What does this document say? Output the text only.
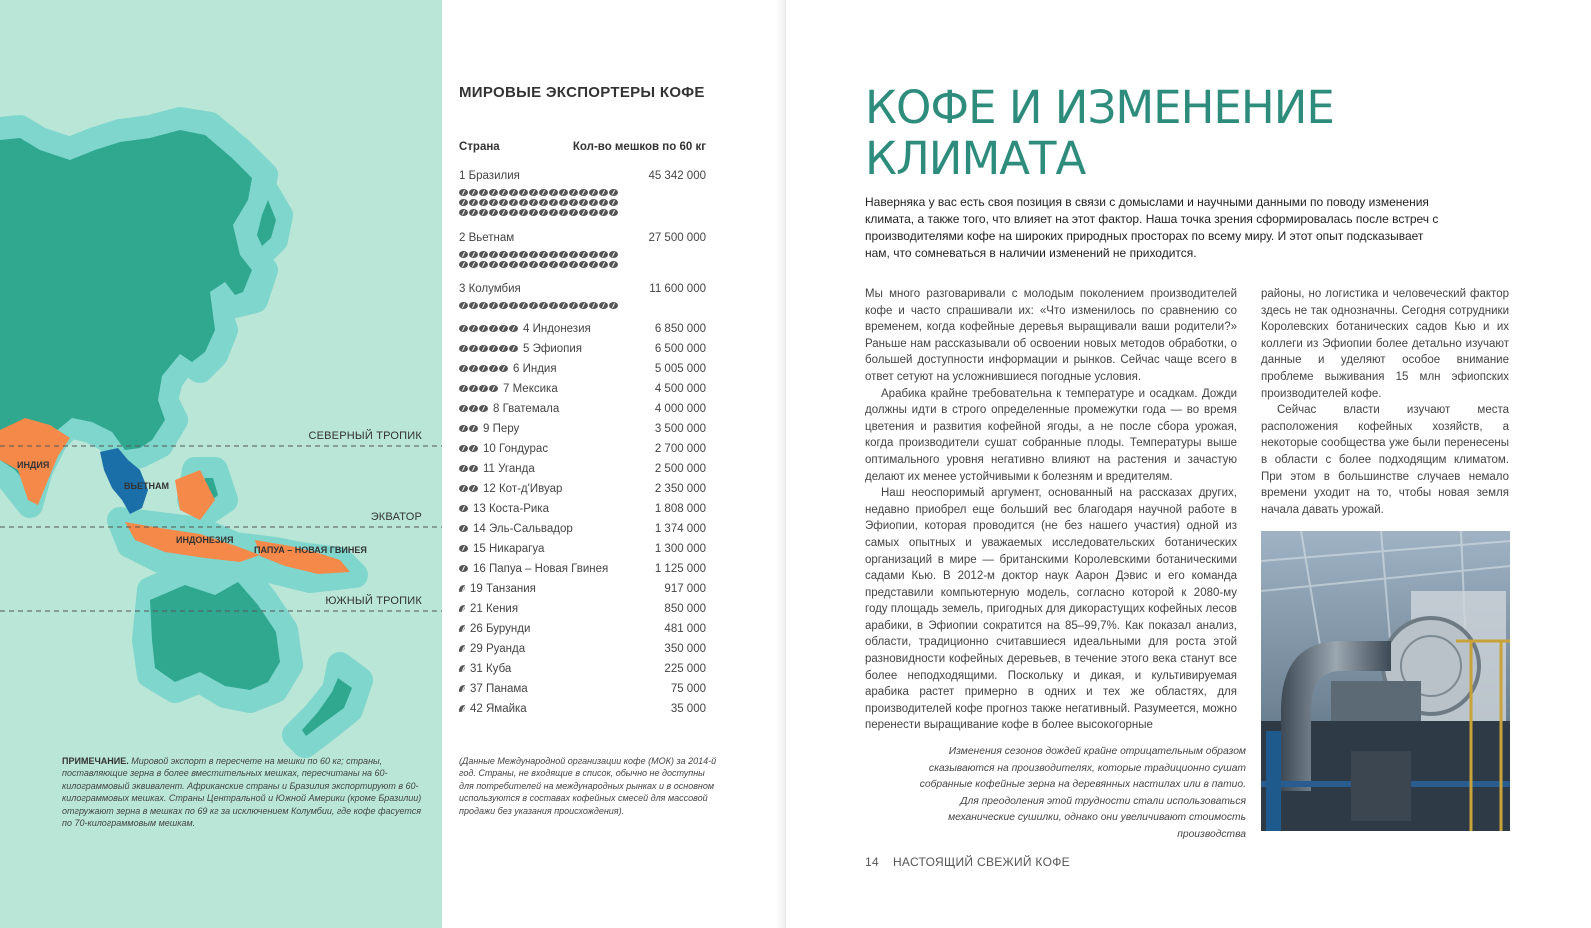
ИНДИЯ
ВЬЕТНАМ
ИНДОНЕЗИЯ
ПАПУА – НОВАЯ ГВИНЕЯ
СЕВЕРНЫЙ ТРОПИК
ЭКВАТОР
ЮЖНЫЙ ТРОПИК
ПРИМЕЧАНИЕ. Мировой экспорт в пересчете на мешки по 60 кг; страны, поставляющие зерна в более вместительных мешках, пересчитаны на 60-килограммовый эквивалент. Африканские страны и Бразилия экспортируют в 60-килограммовых мешках. Страны Центральной и Южной Америки (кроме Бразилии) отгружают зерна в мешках по 69 кг за исключением Колумбии, где кофе фасуется по 70-килограммовым мешкам.
МИРОВЫЕ ЭКСПОРТЕРЫ КОФЕ
Страна	Кол-во мешков по 60 кг
1 Бразилия	45 342 000
2 Вьетнам	27 500 000
3 Колумбия	11 600 000
4 Индонезия	6 850 000
5 Эфиопия	6 500 000
6 Индия	5 005 000
7 Мексика	4 500 000
8 Гватемала	4 000 000
9 Перу	3 500 000
10 Гондурас	2 700 000
11 Уганда	2 500 000
12 Кот-д'Ивуар	2 350 000
13 Коста-Рика	1 808 000
14 Эль-Сальвадор	1 374 000
15 Никарагуа	1 300 000
16 Папуа – Новая Гвинея	1 125 000
19 Танзания	917 000
21 Кения	850 000
26 Бурунди	481 000
29 Руанда	350 000
31 Куба	225 000
37 Панама	75 000
42 Ямайка	35 000
(Данные Международной организации кофе (МОК) за 2014-й год. Страны, не входящие в список, обычно не доступны для потребителей на международных рынках и в основном используются в составах кофейных смесей для массовой продажи без указания происхождения).
КОФЕ И ИЗМЕНЕНИЕ КЛИМАТА
Наверняка у вас есть своя позиция в связи с домыслами и научными данными по поводу изменения климата, а также того, что влияет на этот фактор. Наша точка зрения сформировалась после встреч с производителями кофе на широких природных просторах по всему миру. И этот опыт подсказывает нам, что сомневаться в наличии изменений не приходится.

Мы много разговаривали с молодым поколением производителей кофе и часто спрашивали их: «Что изменилось по сравнению со временем, когда кофейные деревья выращивали ваши родители?» Раньше нам рассказывали об освоении новых методов обработки, о большей доступности информации и рынков. Сейчас чаще всего в ответ сетуют на усложнившиеся погодные условия.

Арабика крайне требовательна к температуре и осадкам. Дожди должны идти в строго определенные промежутки года — во время цветения и развития кофейной ягоды, а не после сбора урожая, когда производители сушат собранные плоды. Температуры выше оптимального уровня негативно влияют на растения и зачастую делают их менее устойчивыми к болезням и вредителям.

Наш неоспоримый аргумент, основанный на рассказах других, недавно приобрел еще больший вес благодаря научной работе в Эфиопии, которая проводится (не без нашего участия) одной из самых опытных и уважаемых исследовательских ботанических организаций в мире — британскими Королевскими ботаническими садами Кью. В 2012-м доктор наук Аарон Дэвис и его команда представили компьютерную модель, согласно которой к 2080-му году площадь земель, пригодных для дикорастущих кофейных лесов арабики, в Эфиопии сократится на 85–99,7%. Как показал анализ, области, традиционно считавшиеся идеальными для роста этой разновидности кофейных деревьев, в течение этого века станут все более неподходящими. Поскольку и дикая, и культивируемая арабика растет примерно в одних и тех же областях, для производителей кофе прогноз также негативный. Разумеется, можно перенести выращивание кофе в более высокогорные

Изменения сезонов дождей крайне отрицательным образом сказываются на производителях, которые традиционно сушат собранные кофейные зерна на деревянных настилах или в патио. Для преодоления этой трудности стали использоваться механические сушилки, однако они увеличивают стоимость производства

районы, но логистика и человеческий фактор здесь не так однозначны. Сегодня сотрудники Королевских ботанических садов Кью и их коллеги из Эфиопии более детально изучают данные и уделяют особое внимание проблеме выживания 15 млн эфиопских производителей кофе.

Сейчас власти изучают места расположения кофейных хозяйств, а некоторые сообщества уже были перенесены в области с более подходящим климатом. При этом в большинстве случаев немало времени уходит на то, чтобы новая земля начала давать урожай.

14 НАСТОЯЩИЙ СВЕЖИЙ КОФЕ
